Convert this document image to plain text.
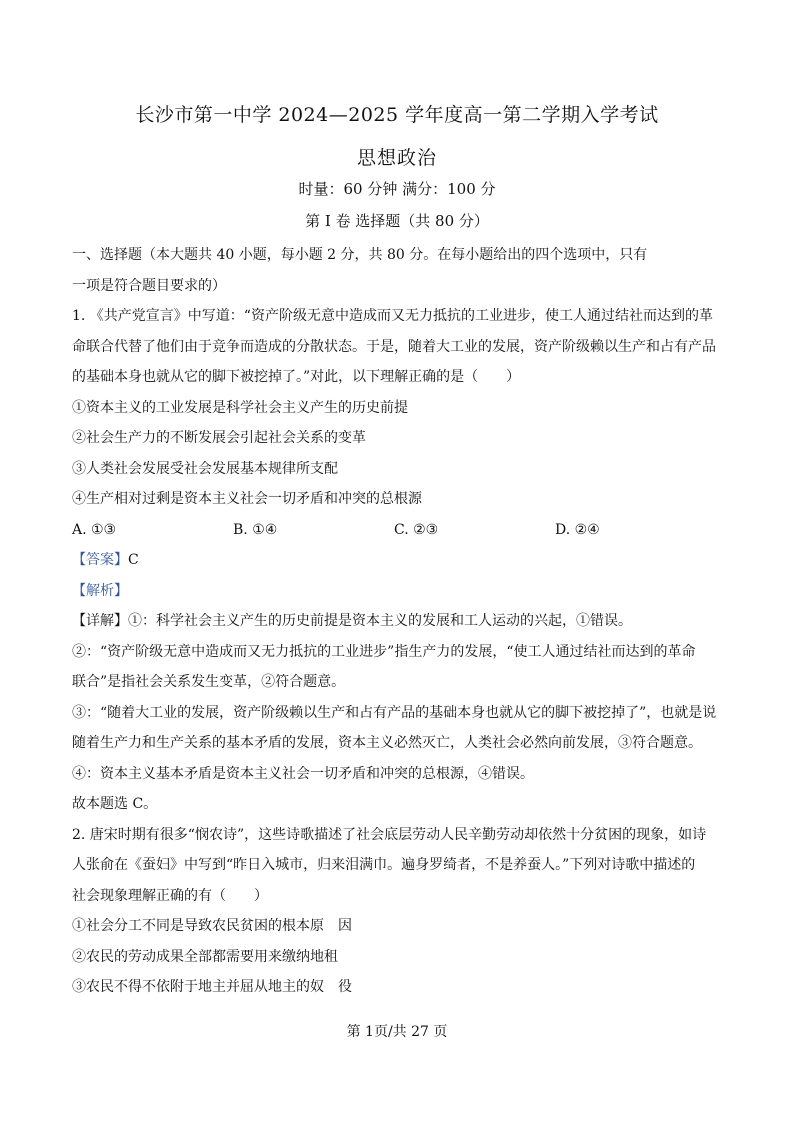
长沙市第一中学 2024—2025 学年度高一第二学期入学考试
思想政治
时量：60 分钟 满分：100 分
第 I 卷 选择题（共 80 分）
一、选择题（本大题共 40 小题，每小题 2 分，共 80 分。在每小题给出的四个选项中，只有
一项是符合题目要求的）
1. 《共产党宣言》中写道：“资产阶级无意中造成而又无力抵抗的工业进步，使工人通过结社而达到的革
命联合代替了他们由于竞争而造成的分散状态。于是，随着大工业的发展，资产阶级赖以生产和占有产品
的基础本身也就从它的脚下被挖掉了。”对此，以下理解正确的是（　　）
①资本主义的工业发展是科学社会主义产生的历史前提
②社会生产力的不断发展会引起社会关系的变革
③人类社会发展受社会发展基本规律所支配
④生产相对过剩是资本主义社会一切矛盾和冲突的总根源
A. ①③	B. ①④	C. ②③	D. ②④
【答案】C
【解析】
【详解】①：科学社会主义产生的历史前提是资本主义的发展和工人运动的兴起，①错误。
②：“资产阶级无意中造成而又无力抵抗的工业进步”指生产力的发展，“使工人通过结社而达到的革命
联合”是指社会关系发生变革，②符合题意。
③：“随着大工业的发展，资产阶级赖以生产和占有产品的基础本身也就从它的脚下被挖掉了”，也就是说
随着生产力和生产关系的基本矛盾的发展，资本主义必然灭亡，人类社会必然向前发展，③符合题意。
④：资本主义基本矛盾是资本主义社会一切矛盾和冲突的总根源，④错误。
故本题选 C。
2. 唐宋时期有很多“悯农诗”，这些诗歌描述了社会底层劳动人民辛勤劳动却依然十分贫困的现象，如诗
人张俞在《蚕妇》中写到“昨日入城市，归来泪满巾。遍身罗绮者，不是养蚕人。”下列对诗歌中描述的
社会现象理解正确的有（　　）
①社会分工不同是导致农民贫困的根本原　因
②农民的劳动成果全部都需要用来缴纳地租
③农民不得不依附于地主并屈从地主的奴　役
第 1页/共 27 页
